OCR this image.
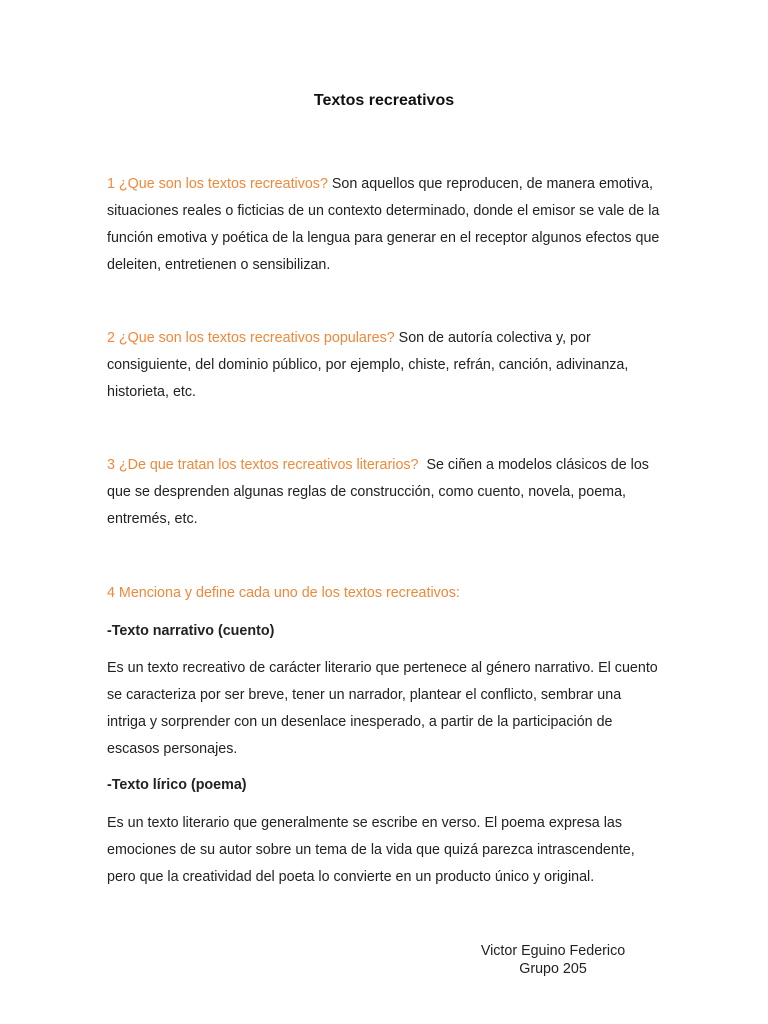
Textos recreativos
1 ¿Que son los textos recreativos? Son aquellos que reproducen, de manera emotiva, situaciones reales o ficticias de un contexto determinado, donde el emisor se vale de la función emotiva y poética de la lengua para generar en el receptor algunos efectos que deleiten, entretienen o sensibilizan.
2 ¿Que son los textos recreativos populares? Son de autoría colectiva y, por consiguiente, del dominio público, por ejemplo, chiste, refrán, canción, adivinanza, historieta, etc.
3 ¿De que tratan los textos recreativos literarios?  Se ciñen a modelos clásicos de los que se desprenden algunas reglas de construcción, como cuento, novela, poema, entremés, etc.
4 Menciona y define cada uno de los textos recreativos:
-Texto narrativo (cuento)
Es un texto recreativo de carácter literario que pertenece al género narrativo. El cuento se caracteriza por ser breve, tener un narrador, plantear el conflicto, sembrar una intriga y sorprender con un desenlace inesperado, a partir de la participación de escasos personajes.
-Texto lírico (poema)
Es un texto literario que generalmente se escribe en verso. El poema expresa las emociones de su autor sobre un tema de la vida que quizá parezca intrascendente, pero que la creatividad del poeta lo convierte en un producto único y original.
Victor Eguino Federico
Grupo 205
